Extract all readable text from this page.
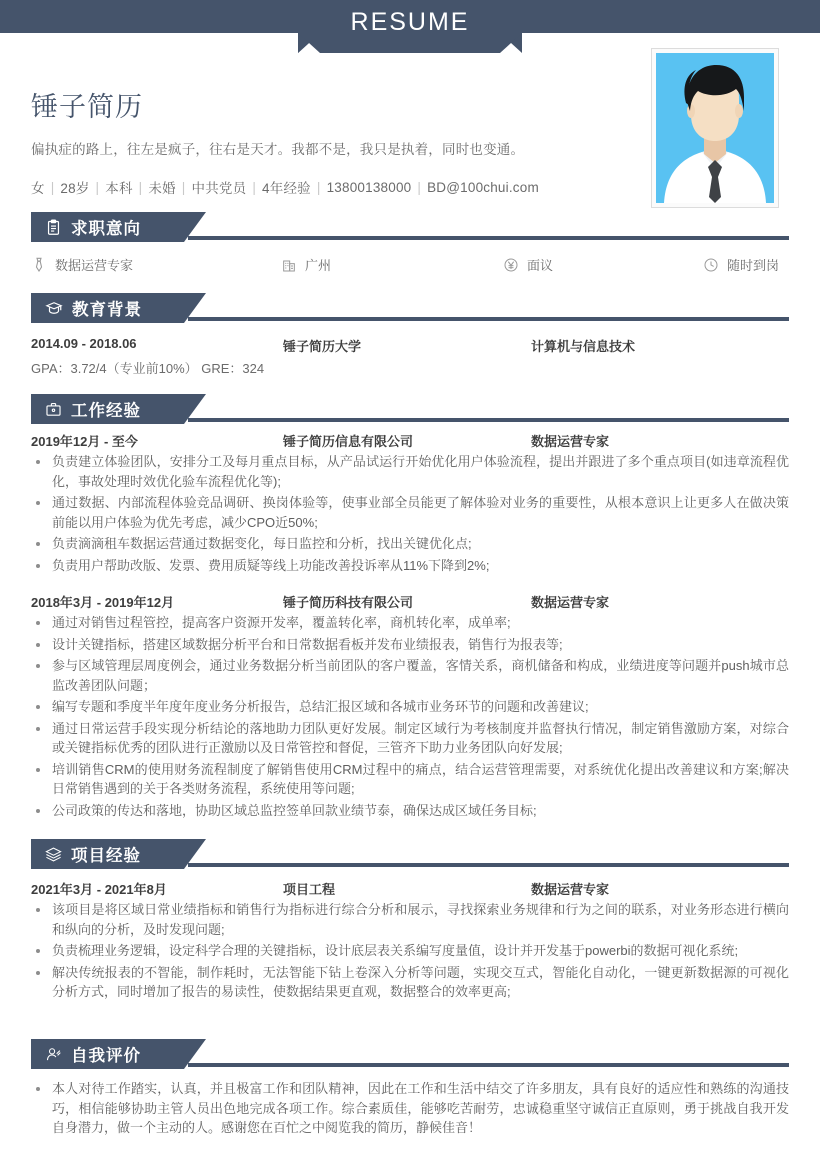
RESUME
锤子简历
偏执症的路上，往左是疯子，往右是天才。我都不是，我只是执着，同时也变通。
女 | 28岁 | 本科 | 未婚 | 中共党员 | 4年经验 | 13800138000 | BD@100chui.com
求职意向
数据运营专家	广州	面议	随时到岗
教育背景
2014.09 - 2018.06	锤子简历大学	计算机与信息技术
GPA：3.72/4（专业前10%） GRE：324
工作经验
2019年12月 - 至今	锤子简历信息有限公司	数据运营专家
负责建立体验团队，安排分工及每月重点目标，从产品试运行开始优化用户体验流程，提出并跟进了多个重点项目(如违章流程优化，事故处理时效优化验车流程优化等);
通过数据、内部流程体验竞品调研、换岗体验等，使事业部全员能更了解体验对业务的重要性，从根本意识上让更多人在做决策前能以用户体验为优先考虑，减少CPO近50%;
负责滴滴租车数据运营通过数据变化，每日监控和分析，找出关键优化点;
负责用户帮助改版、发票、费用质疑等线上功能改善投诉率从11%下降到2%;
2018年3月 - 2019年12月	锤子简历科技有限公司	数据运营专家
通过对销售过程管控，提高客户资源开发率，覆盖转化率，商机转化率，成单率;
设计关键指标，搭建区域数据分析平台和日常数据看板并发布业绩报表，销售行为报表等;
参与区域管理层周度例会，通过业务数据分析当前团队的客户覆盖，客情关系，商机储备和构成，业绩进度等问题并push城市总监改善团队问题；
编写专题和季度半年度年度业务分析报告，总结汇报区域和各城市业务环节的问题和改善建议;
通过日常运营手段实现分析结论的落地助力团队更好发展。制定区域行为考核制度并监督执行情况，制定销售激励方案，对综合或关键指标优秀的团队进行正激励以及日常管控和督促，三管齐下助力业务团队向好发展;
培训销售CRM的使用财务流程制度了解销售使用CRM过程中的痛点，结合运营管理需要，对系统优化提出改善建议和方案;解决日常销售遇到的关于各类财务流程，系统使用等问题;
公司政策的传达和落地，协助区域总监控签单回款业绩节泰，确保达成区域任务目标;
项目经验
2021年3月 - 2021年8月	项目工程	数据运营专家
该项目是将区域日常业绩指标和销售行为指标进行综合分析和展示，寻找探索业务规律和行为之间的联系，对业务形态进行横向和纵向的分析，及时发现问题;
负责梳理业务逻辑，设定科学合理的关键指标，设计底层表关系编写度量值，设计并开发基于powerbi的数据可视化系统;
解决传统报表的不智能，制作耗时，无法智能下钻上卷深入分析等问题，实现交互式，智能化自动化，一键更新数据源的可视化分析方式，同时增加了报告的易读性，使数据结果更直观，数据整合的效率更高;
自我评价
本人对待工作踏实，认真，并且极富工作和团队精神，因此在工作和生活中结交了许多朋友，具有良好的适应性和熟练的沟通技巧，相信能够协助主管人员出色地完成各项工作。综合素质佳，能够吃苦耐劳，忠诚稳重坚守诚信正直原则，勇于挑战自我开发自身潜力，做一个主动的人。感谢您在百忙之中阅览我的简历，静候佳音！
